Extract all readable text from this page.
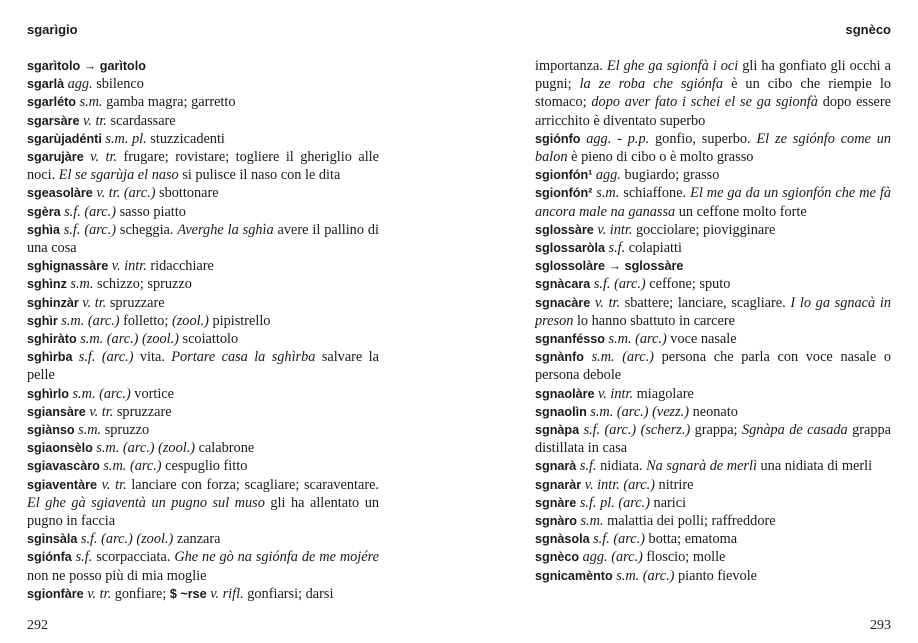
sgarìgio
sgarìtolo → garìtolo
sgarlà agg. sbilenco
sgarléto s.m. gamba magra; garretto
sgarsàre v. tr. scardassare
sgarùjadénti s.m. pl. stuzzicadenti
sgarujàre v. tr. frugare; rovistare; togliere il gheriglio alle noci. El se sgarùja el naso si pulisce il naso con le dita
sgeasolàre v. tr. (arc.) sbottonare
sgèra s.f. (arc.) sasso piatto
sghìa s.f. (arc.) scheggia. Averghe la sghìa avere il pallino di una cosa
sghignassàre v. intr. ridacchiare
sghìnz s.m. schizzo; spruzzo
sghinzàr v. tr. spruzzare
sghìr s.m. (arc.) folletto; (zool.) pipistrello
sghiràto s.m. (arc.) (zool.) scoiattolo
sghìrba s.f. (arc.) vita. Portare casa la sghìrba salvare la pelle
sghìrlo s.m. (arc.) vortice
sgiansàre v. tr. spruzzare
sgiànso s.m. spruzzo
sgiaonsèlo s.m. (arc.) (zool.) calabrone
sgiavascàro s.m. (arc.) cespuglio fitto
sgiaventàre v. tr. lanciare con forza; scagliare; scaraventare. El ghe gà sgiaventà un pugno sul muso gli ha allentato un pugno in faccia
sginsàla s.f. (arc.) (zool.) zanzara
sgiónfa s.f. scorpacciata. Ghe ne gò na sgiónfa de me mojére non ne posso più di mia moglie
sgionfàre v. tr. gonfiare; $ ~rse v. rifl. gonfiarsi; darsi
292
sgnèco
importanza. El ghe ga sgionfà i oci gli ha gonfiato gli occhi a pugni; la ze roba che sgiónfa è un cibo che riempie lo stomaco; dopo aver fato i schei el se ga sgionfà dopo essere arricchito è diventato superbo
sgiónfo agg. - p.p. gonfio, superbo. El ze sgiónfo come un balon è pieno di cibo o è molto grasso
sgionfón¹ agg. bugiardo; grasso
sgionfón² s.m. schiaffone. El me ga da un sgionfón che me fà ancora male na ganassa un ceffone molto forte
sglossàre v. intr. gocciolare; piovigginare
sglossaròla s.f. colapiatti
sglossolàre → sglossàre
sgnàcara s.f. (arc.) ceffone; sputo
sgnacàre v. tr. sbattere; lanciare, scagliare. I lo ga sgnacà in preson lo hanno sbattuto in carcere
sgnanfésso s.m. (arc.) voce nasale
sgnànfo s.m. (arc.) persona che parla con voce nasale o persona debole
sgnaolàre v. intr. miagolare
sgnaolìn s.m. (arc.) (vezz.) neonato
sgnàpa s.f. (arc.) (scherz.) grappa; Sgnàpa de casada grappa distillata in casa
sgnarà s.f. nidiata. Na sgnarà de merlì una nidiata di merli
sgnaràr v. intr. (arc.) nitrire
sgnàre s.f. pl. (arc.) narici
sgnàro s.m. malattia dei polli; raffreddore
sgnàsola s.f. (arc.) botta; ematoma
sgnèco agg. (arc.) floscio; molle
sgnicamènto s.m. (arc.) pianto fievole
293
